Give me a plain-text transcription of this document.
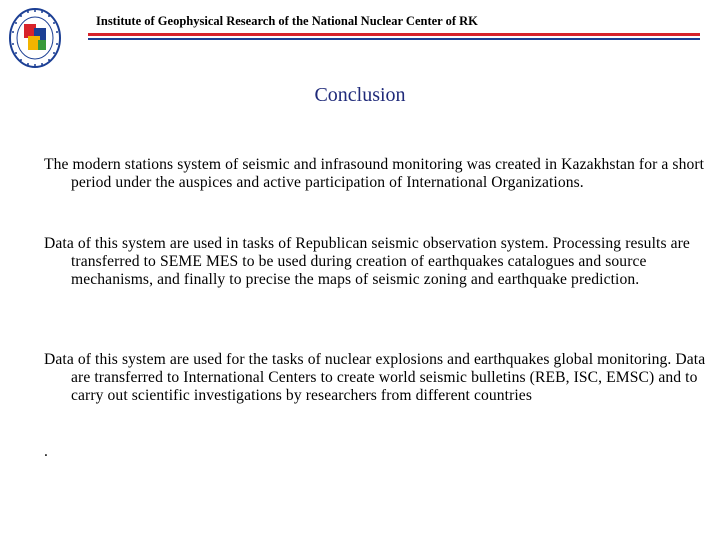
Institute of Geophysical Research of the National Nuclear Center of RK
Conclusion
The modern stations system of seismic and infrasound monitoring was created in Kazakhstan for a short period under the auspices and active participation of International Organizations.
Data of this system are used in tasks of Republican seismic observation system. Processing results are transferred to SEME MES to be used during creation of earthquakes catalogues and source mechanisms, and finally to precise the maps of seismic zoning and earthquake prediction.
Data of this system are used for the tasks of nuclear explosions and earthquakes global monitoring. Data are transferred to International Centers to create world seismic bulletins (REB, ISC, EMSC) and to carry out scientific investigations by researchers from different countries
.
